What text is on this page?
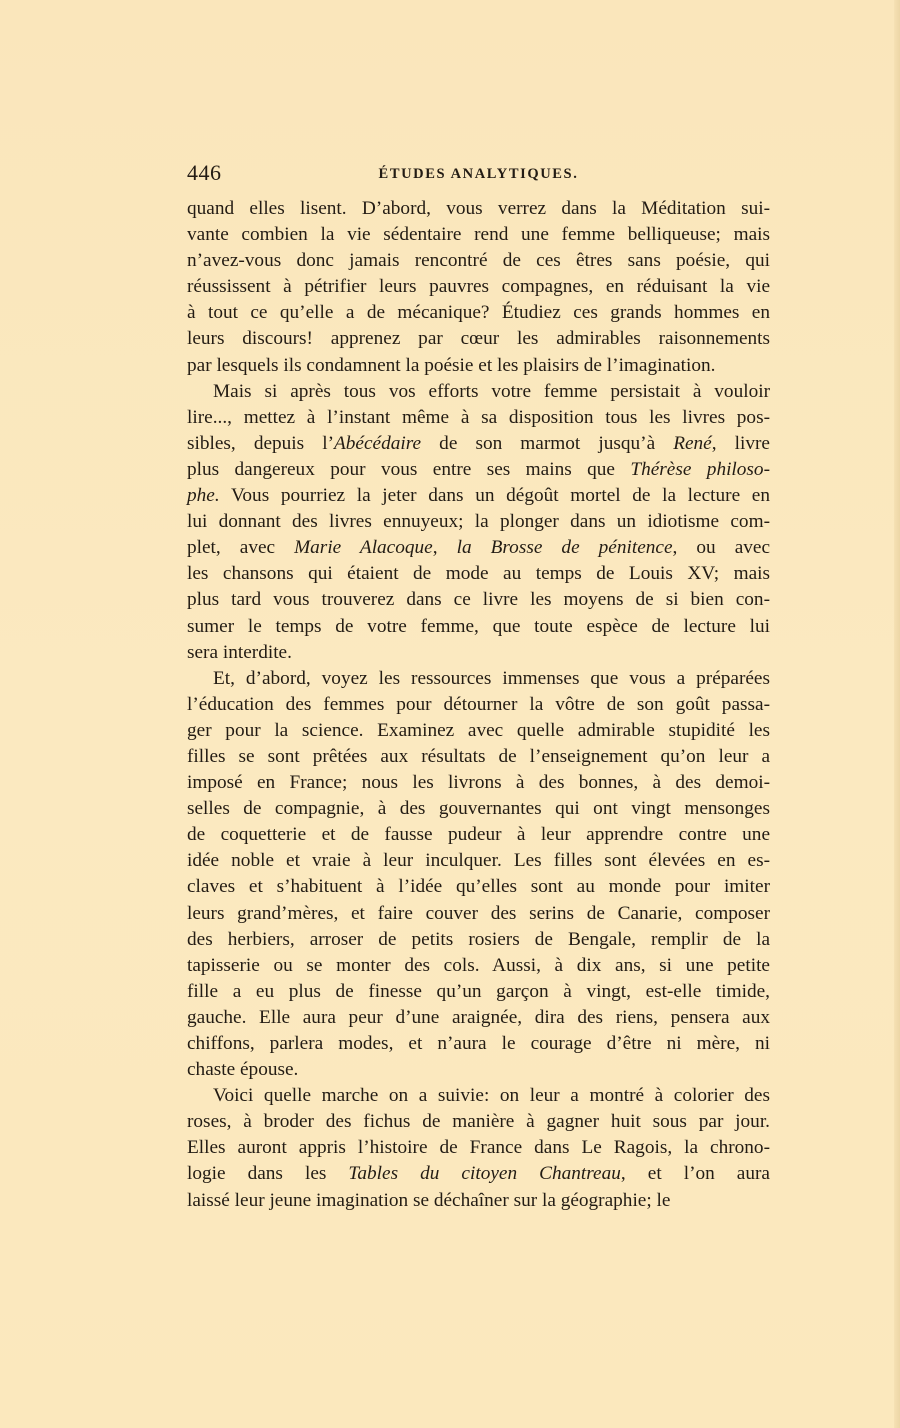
446	ÉTUDES ANALYTIQUES.
quand elles lisent. D’abord, vous verrez dans la Méditation sui-
vante combien la vie sédentaire rend une femme belliqueuse; mais
n’avez-vous donc jamais rencontré de ces êtres sans poésie, qui
réussissent à pétrifier leurs pauvres compagnes, en réduisant la vie
à tout ce qu’elle a de mécanique? Étudiez ces grands hommes en
leurs discours! apprenez par cœur les admirables raisonnements
par lesquels ils condamnent la poésie et les plaisirs de l’imagination.
Mais si après tous vos efforts votre femme persistait à vouloir
lire..., mettez à l’instant même à sa disposition tous les livres pos-
sibles, depuis l’Abécédaire de son marmot jusqu’à René, livre
plus dangereux pour vous entre ses mains que Thérèse philoso-
phe. Vous pourriez la jeter dans un dégoût mortel de la lecture en
lui donnant des livres ennuyeux; la plonger dans un idiotisme com-
plet, avec Marie Alacoque, la Brosse de pénitence, ou avec
les chansons qui étaient de mode au temps de Louis XV; mais
plus tard vous trouverez dans ce livre les moyens de si bien con-
sumer le temps de votre femme, que toute espèce de lecture lui
sera interdite.
Et, d’abord, voyez les ressources immenses que vous a préparées
l’éducation des femmes pour détourner la vôtre de son goût passa-
ger pour la science. Examinez avec quelle admirable stupidité les
filles se sont prêtées aux résultats de l’enseignement qu’on leur a
imposé en France; nous les livrons à des bonnes, à des demoi-
selles de compagnie, à des gouvernantes qui ont vingt mensonges
de coquetterie et de fausse pudeur à leur apprendre contre une
idée noble et vraie à leur inculquer. Les filles sont élevées en es-
claves et s’habituent à l’idée qu’elles sont au monde pour imiter
leurs grand’mères, et faire couver des serins de Canarie, composer
des herbiers, arroser de petits rosiers de Bengale, remplir de la
tapisserie ou se monter des cols. Aussi, à dix ans, si une petite
fille a eu plus de finesse qu’un garçon à vingt, est-elle timide,
gauche. Elle aura peur d’une araignée, dira des riens, pensera aux
chiffons, parlera modes, et n’aura le courage d’être ni mère, ni
chaste épouse.
Voici quelle marche on a suivie: on leur a montré à colorier des
roses, à broder des fichus de manière à gagner huit sous par jour.
Elles auront appris l’histoire de France dans Le Ragois, la chrono-
logie dans les Tables du citoyen Chantreau, et l’on aura
laissé leur jeune imagination se déchaîner sur la géographie; le
